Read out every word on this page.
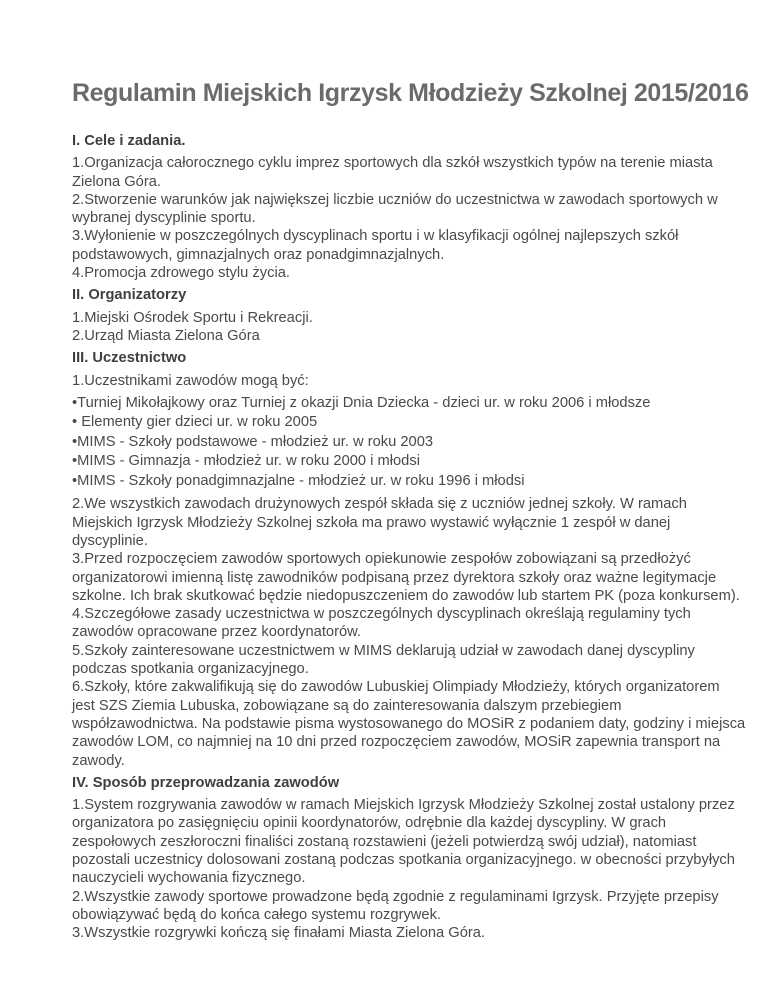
Regulamin Miejskich Igrzysk Młodzieży Szkolnej 2015/2016
I. Cele i zadania.
1.Organizacja całorocznego cyklu imprez sportowych dla szkół wszystkich typów na terenie miasta
Zielona Góra.
2.Stworzenie warunków jak największej liczbie uczniów do uczestnictwa w zawodach sportowych w
wybranej dyscyplinie sportu.
3.Wyłonienie w poszczególnych dyscyplinach sportu i w klasyfikacji ogólnej najlepszych szkół
podstawowych, gimnazjalnych oraz ponadgimnazjalnych.
4.Promocja zdrowego stylu życia.
II. Organizatorzy
1.Miejski Ośrodek Sportu i Rekreacji.
2.Urząd Miasta Zielona Góra
III. Uczestnictwo
1.Uczestnikami zawodów mogą być:
•Turniej Mikołajkowy oraz Turniej z okazji Dnia Dziecka - dzieci ur. w roku 2006 i młodsze
• Elementy gier dzieci ur. w roku 2005
•MIMS - Szkoły podstawowe - młodzież ur. w roku 2003
•MIMS - Gimnazja - młodzież ur. w roku 2000 i młodsi
•MIMS - Szkoły ponadgimnazjalne - młodzież ur. w roku 1996 i młodsi
2.We wszystkich zawodach drużynowych zespół składa się z uczniów jednej szkoły. W ramach
Miejskich Igrzysk Młodzieży Szkolnej szkoła ma prawo wystawić wyłącznie 1 zespół w danej
dyscyplinie.
3.Przed rozpoczęciem zawodów sportowych opiekunowie zespołów zobowiązani są przedłożyć
organizatorowi imienną listę zawodników podpisaną przez dyrektora szkoły oraz ważne legitymacje
szkolne. Ich brak skutkować będzie niedopuszczeniem do zawodów lub startem PK (poza konkursem).
4.Szczegółowe zasady uczestnictwa w poszczególnych dyscyplinach określają regulaminy tych
zawodów opracowane przez koordynatorów.
5.Szkoły zainteresowane uczestnictwem w MIMS deklarują udział w zawodach danej dyscypliny
podczas spotkania organizacyjnego.
6.Szkoły, które zakwalifikują się do zawodów Lubuskiej Olimpiady Młodzieży, których organizatorem
jest SZS Ziemia Lubuska, zobowiązane są do zainteresowania dalszym przebiegiem
współzawodnictwa. Na podstawie pisma wystosowanego do MOSiR z podaniem daty, godziny i miejsca
zawodów LOM, co najmniej na 10 dni przed rozpoczęciem zawodów, MOSiR zapewnia transport na
zawody.
IV. Sposób przeprowadzania zawodów
1.System rozgrywania zawodów w ramach Miejskich Igrzysk Młodzieży Szkolnej został ustalony przez
organizatora po zasięgnięciu opinii koordynatorów, odrębnie dla każdej dyscypliny. W grach
zespołowych zeszłoroczni finaliści zostaną rozstawieni (jeżeli potwierdzą swój udział), natomiast
pozostali uczestnicy dolosowani zostaną podczas spotkania organizacyjnego. w obecności przybyłych
nauczycieli wychowania fizycznego.
2.Wszystkie zawody sportowe prowadzone będą zgodnie z regulaminami Igrzysk. Przyjęte przepisy
obowiązywać będą do końca całego systemu rozgrywek.
3.Wszystkie rozgrywki kończą się finałami Miasta Zielona Góra.
